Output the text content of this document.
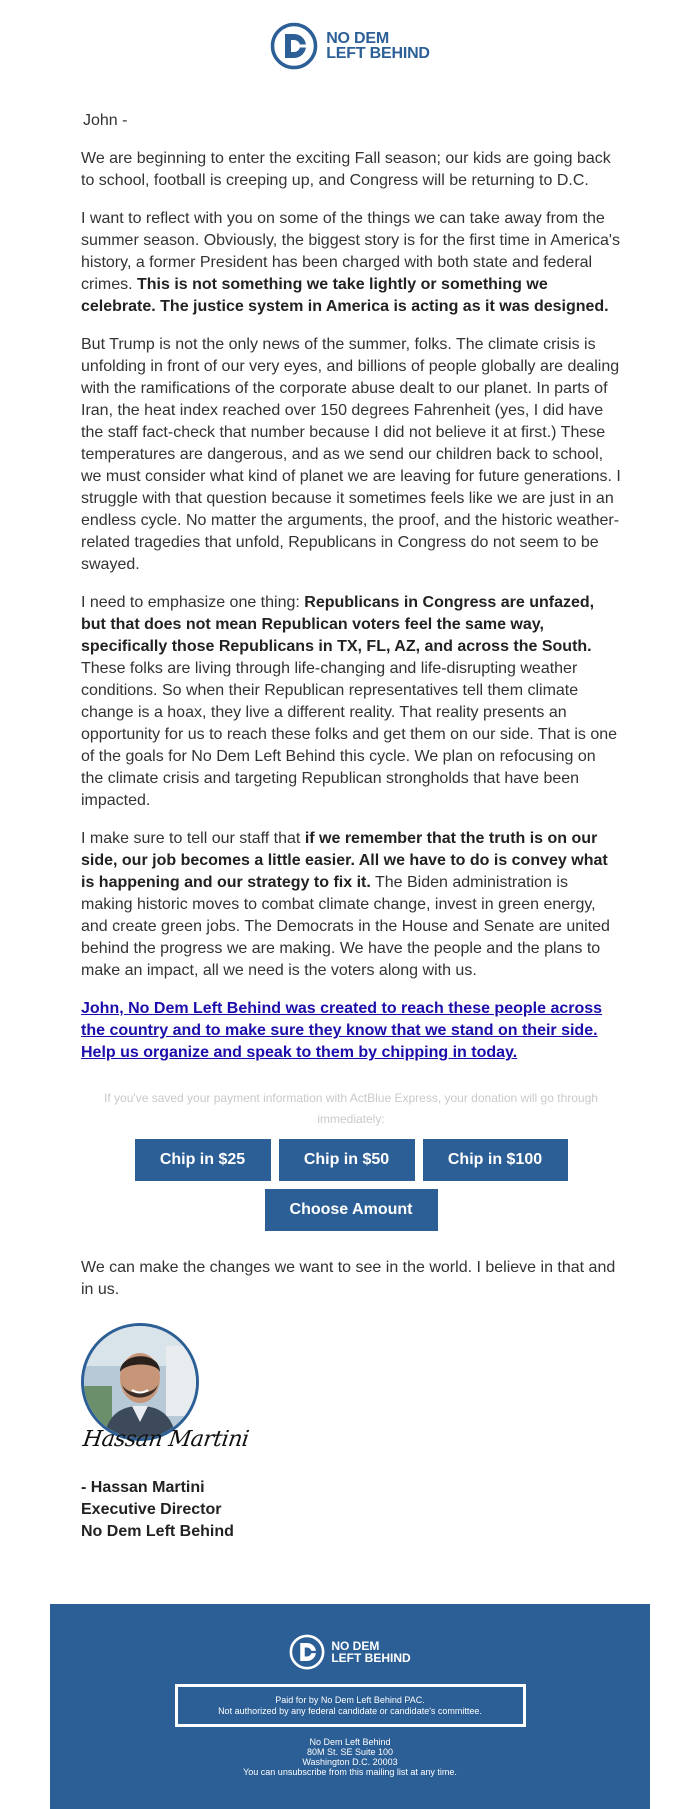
NO DEM
LEFT BEHIND
John -

We are beginning to enter the exciting Fall season; our kids are going back to school, football is creeping up, and Congress will be returning to D.C.

I want to reflect with you on some of the things we can take away from the summer season. Obviously, the biggest story is for the first time in America's history, a former President has been charged with both state and federal crimes. This is not something we take lightly or something we celebrate. The justice system in America is acting as it was designed.

But Trump is not the only news of the summer, folks. The climate crisis is unfolding in front of our very eyes, and billions of people globally are dealing with the ramifications of the corporate abuse dealt to our planet. In parts of Iran, the heat index reached over 150 degrees Fahrenheit (yes, I did have the staff fact-check that number because I did not believe it at first.) These temperatures are dangerous, and as we send our children back to school, we must consider what kind of planet we are leaving for future generations. I struggle with that question because it sometimes feels like we are just in an endless cycle. No matter the arguments, the proof, and the historic weather-related tragedies that unfold, Republicans in Congress do not seem to be swayed.

I need to emphasize one thing: Republicans in Congress are unfazed, but that does not mean Republican voters feel the same way, specifically those Republicans in TX, FL, AZ, and across the South. These folks are living through life-changing and life-disrupting weather conditions. So when their Republican representatives tell them climate change is a hoax, they live a different reality. That reality presents an opportunity for us to reach these folks and get them on our side. That is one of the goals for No Dem Left Behind this cycle. We plan on refocusing on the climate crisis and targeting Republican strongholds that have been impacted.

I make sure to tell our staff that if we remember that the truth is on our side, our job becomes a little easier. All we have to do is convey what is happening and our strategy to fix it. The Biden administration is making historic moves to combat climate change, invest in green energy, and create green jobs. The Democrats in the House and Senate are united behind the progress we are making. We have the people and the plans to make an impact, all we need is the voters along with us.

John, No Dem Left Behind was created to reach these people across the country and to make sure they know that we stand on their side. Help us organize and speak to them by chipping in today.

If you've saved your payment information with ActBlue Express, your donation will go through immediately:
Chip in $25	Chip in $50	Chip in $100
Choose Amount
We can make the changes we want to see in the world. I believe in that and in us.
Hassan Martini
- Hassan Martini
Executive Director
No Dem Left Behind
NO DEM
LEFT BEHIND
Paid for by No Dem Left Behind PAC.
Not authorized by any federal candidate or candidate's committee.
No Dem Left Behind
80M St. SE Suite 100
Washington D.C. 20003
You can unsubscribe from this mailing list at any time.
